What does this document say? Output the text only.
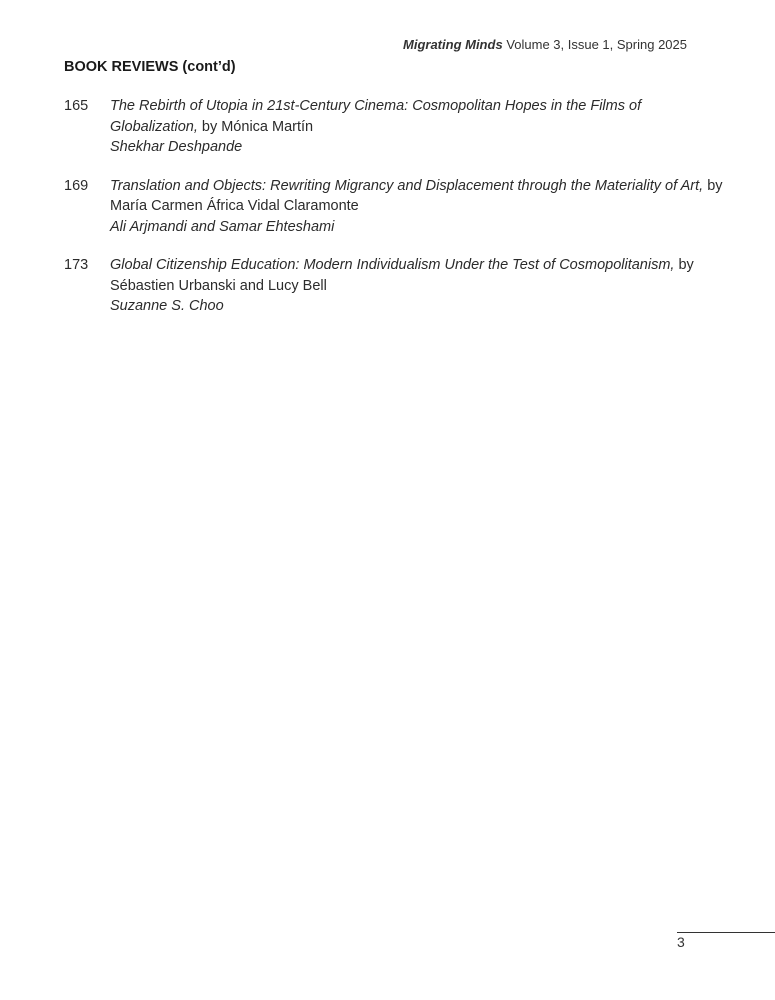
Migrating Minds Volume 3, Issue 1, Spring 2025
BOOK REVIEWS (cont’d)
165 The Rebirth of Utopia in 21st-Century Cinema: Cosmopolitan Hopes in the Films of Globalization, by Mónica Martín
Shekhar Deshpande
169 Translation and Objects: Rewriting Migrancy and Displacement through the Materiality of Art, by María Carmen África Vidal Claramonte
Ali Arjmandi and Samar Ehteshami
173 Global Citizenship Education: Modern Individualism Under the Test of Cosmopolitanism, by Sébastien Urbanski and Lucy Bell
Suzanne S. Choo
3
